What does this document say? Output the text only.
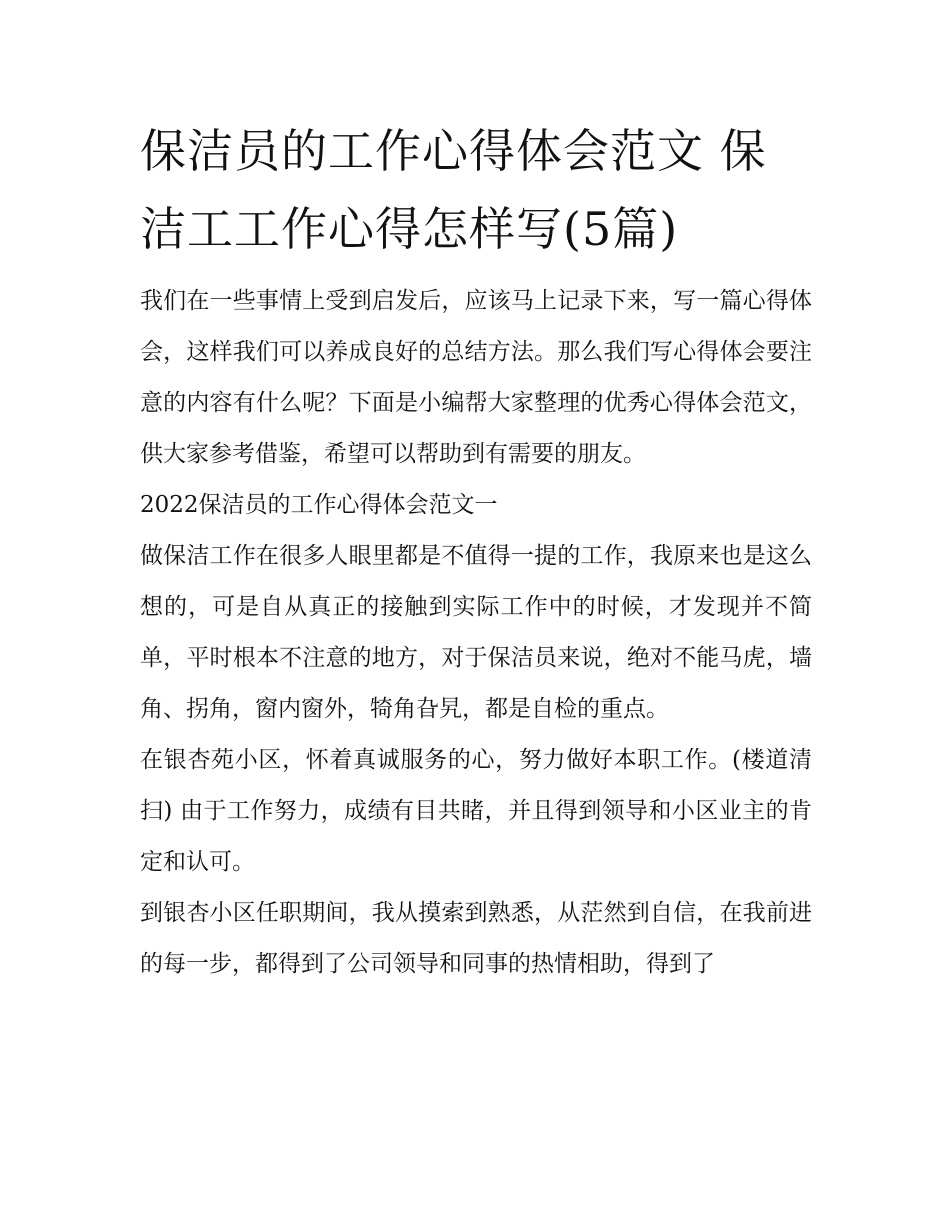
保洁员的工作心得体会范文 保洁工工作心得怎样写(5篇)

我们在一些事情上受到启发后，应该马上记录下来，写一篇心得体会，这样我们可以养成良好的总结方法。那么我们写心得体会要注意的内容有什么呢？下面是小编帮大家整理的优秀心得体会范文，供大家参考借鉴，希望可以帮助到有需要的朋友。

2022保洁员的工作心得体会范文一

做保洁工作在很多人眼里都是不值得一提的工作，我原来也是这么想的，可是自从真正的接触到实际工作中的时候，才发现并不简单，平时根本不注意的地方，对于保洁员来说，绝对不能马虎，墙角、拐角，窗内窗外，犄角旮旯，都是自检的重点。

在银杏苑小区，怀着真诚服务的心，努力做好本职工作。(楼道清扫) 由于工作努力，成绩有目共睹，并且得到领导和小区业主的肯定和认可。

到银杏小区任职期间，我从摸索到熟悉，从茫然到自信，在我前进的每一步，都得到了公司领导和同事的热情相助，得到了
